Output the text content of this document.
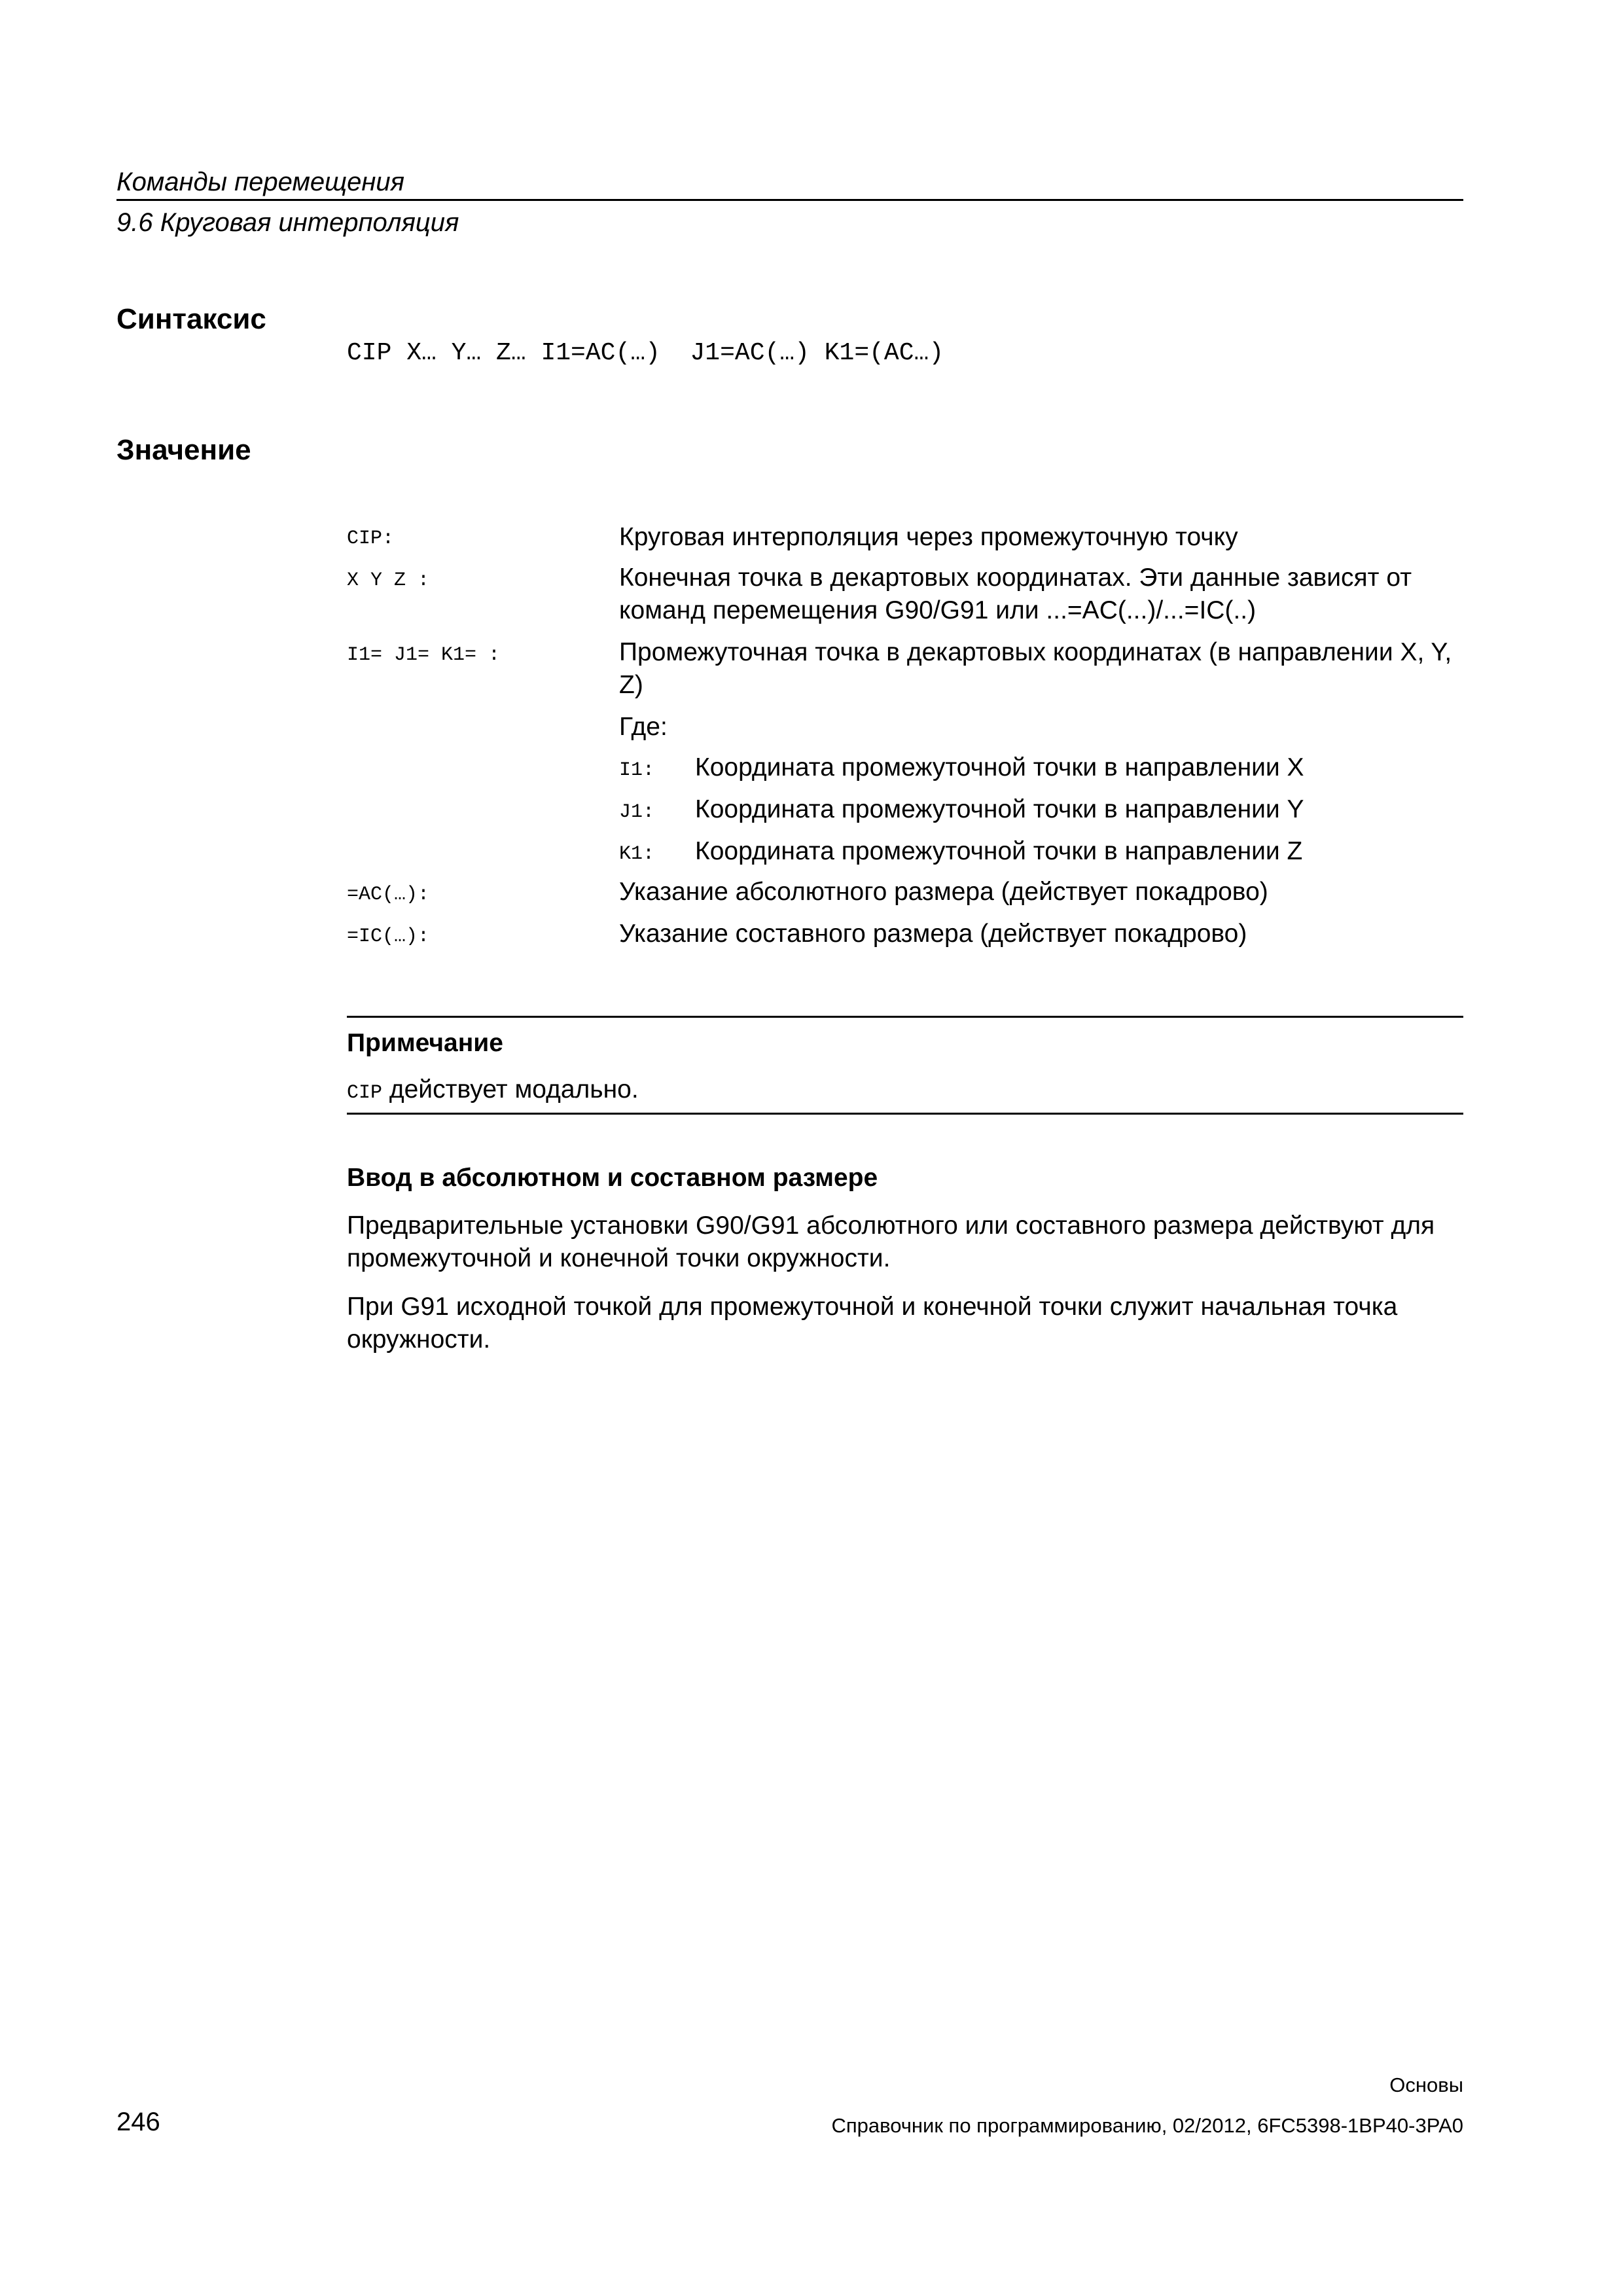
Команды перемещения
9.6 Круговая интерполяция
Синтаксис
CIP X… Y… Z… I1=AC(…)  J1=AC(…) K1=(AC…)
Значение
CIP:	Круговая интерполяция через промежуточную точку
X Y Z :	Конечная точка в декартовых координатах. Эти данные зависят от команд перемещения G90/G91 или ...=AC(...)/...=IC(..)
I1= J1= K1= :	Промежуточная точка в декартовых координатах (в направлении X, Y, Z)
Где:
I1: Координата промежуточной точки в направлении X
J1: Координата промежуточной точки в направлении Y
K1: Координата промежуточной точки в направлении Z
=AC(…):	Указание абсолютного размера (действует покадрово)
=IC(…):	Указание составного размера (действует покадрово)
Примечание
CIP действует модально.
Ввод в абсолютном и составном размере
Предварительные установки G90/G91 абсолютного или составного размера действуют для промежуточной и конечной точки окружности.
При G91 исходной точкой для промежуточной и конечной точки служит начальная точка окружности.
246
Основы
Справочник по программированию, 02/2012, 6FC5398-1BP40-3PA0
